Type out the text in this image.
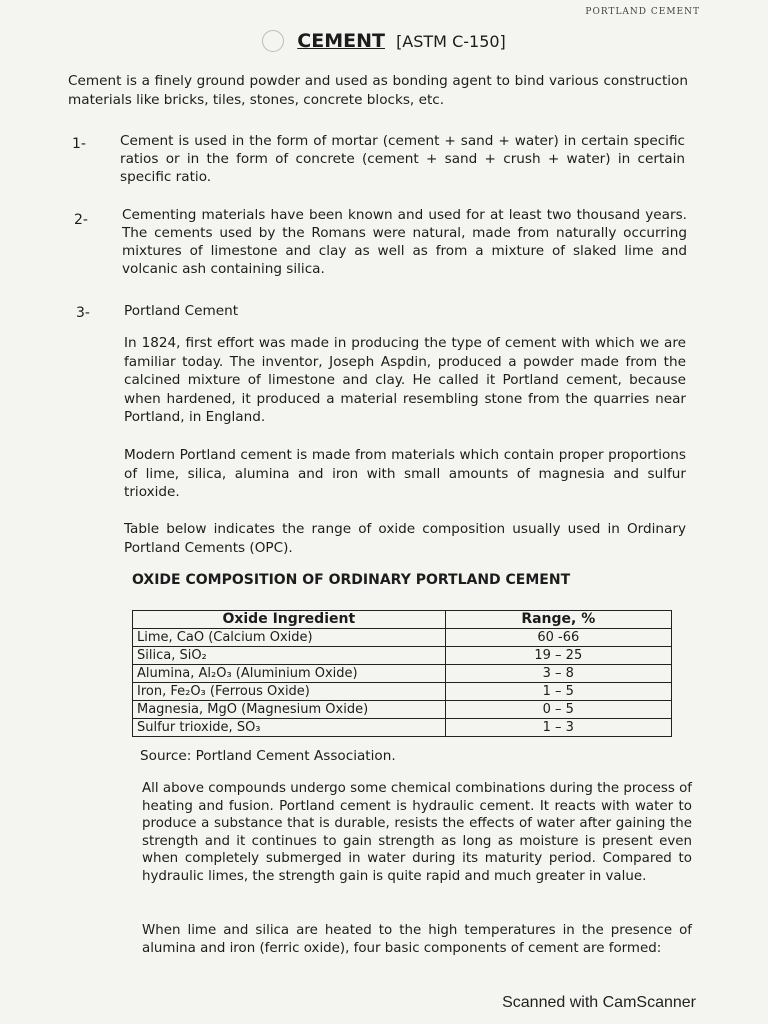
PORTLAND CEMENT
CEMENT [ASTM C-150]
Cement is a finely ground powder and used as bonding agent to bind various construction materials like bricks, tiles, stones, concrete blocks, etc.
1-	Cement is used in the form of mortar (cement + sand + water) in certain specific ratios or in the form of concrete (cement + sand + crush + water) in certain specific ratio.
2-	Cementing materials have been known and used for at least two thousand years. The cements used by the Romans were natural, made from naturally occurring mixtures of limestone and clay as well as from a mixture of slaked lime and volcanic ash containing silica.
3-	Portland Cement
In 1824, first effort was made in producing the type of cement with which we are familiar today. The inventor, Joseph Aspdin, produced a powder made from the calcined mixture of limestone and clay. He called it Portland cement, because when hardened, it produced a material resembling stone from the quarries near Portland, in England.
Modern Portland cement is made from materials which contain proper proportions of lime, silica, alumina and iron with small amounts of magnesia and sulfur trioxide.
Table below indicates the range of oxide composition usually used in Ordinary Portland Cements (OPC).
OXIDE COMPOSITION OF ORDINARY PORTLAND CEMENT
Oxide Ingredient	Range, %
Lime, CaO (Calcium Oxide)	60 -66
Silica, SiO₂	19 – 25
Alumina, Al₂O₃ (Aluminium Oxide)	3 – 8
Iron, Fe₂O₃ (Ferrous Oxide)	1 – 5
Magnesia, MgO (Magnesium Oxide)	0 – 5
Sulfur trioxide, SO₃	1 – 3
Source: Portland Cement Association.
All above compounds undergo some chemical combinations during the process of heating and fusion. Portland cement is hydraulic cement. It reacts with water to produce a substance that is durable, resists the effects of water after gaining the strength and it continues to gain strength as long as moisture is present even when completely submerged in water during its maturity period. Compared to hydraulic limes, the strength gain is quite rapid and much greater in value.
When lime and silica are heated to the high temperatures in the presence of alumina and iron (ferric oxide), four basic components of cement are formed:
Scanned with CamScanner
